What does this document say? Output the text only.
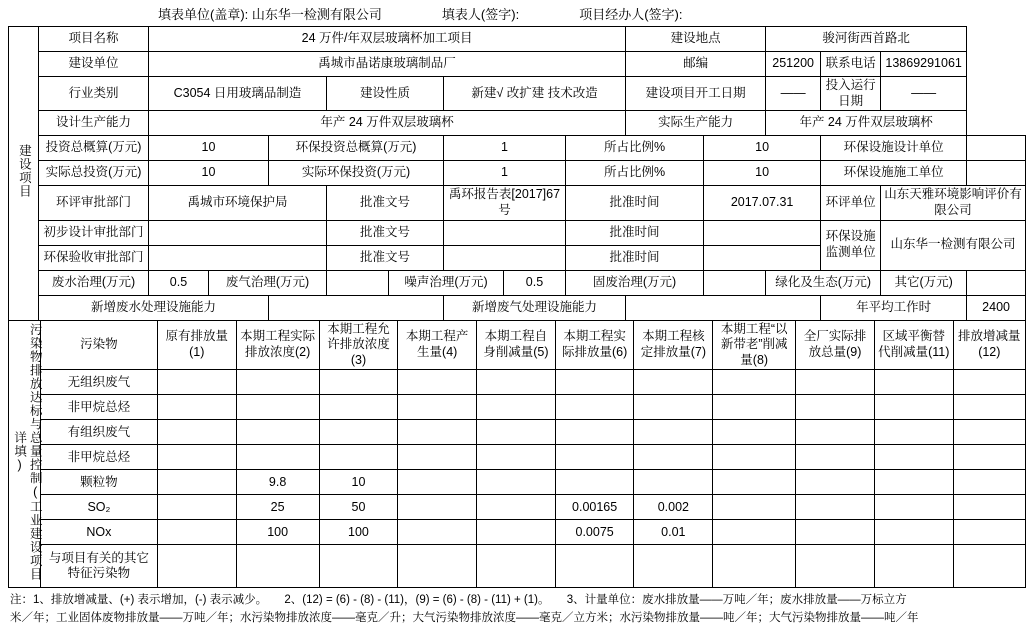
填表单位(盖章): 山东华一检测有限公司	填表人(签字):	项目经办人(签字):
建设项目	项目名称	24 万件/年双层玻璃杯加工项目								建设地点		骏河街西首路北			
	建设单位	禹城市晶诺康玻璃制品厂								邮编		251200	联系电话	13869291061	
	行业类别	C3054 日用玻璃品制造			建设性质		新建√ 改扩建 技术改造			建设项目开工日期		——	投入运行日期	——	
	设计生产能力	年产 24 万件双层玻璃杯								实际生产能力		年产 24 万件双层玻璃杯			
	投资总概算(万元)	10		环保投资总概算(万元)			1		所占比例%		10		环保设施设计单位		
	实际总投资(万元)	10		实际环保投资(万元)			1		所占比例%		10		环保设施施工单位		
	环评审批部门	禹城市环境保护局			批准文号		禹环报告表[2017]67 号		批准时间		2017.07.31		环评单位	山东天雅环境影响评价有限公司	
	初步设计审批部门				批准文号				批准时间				环保设施监测单位	山东华一检测有限公司	
	环保验收审批部门				批准文号				批准时间						
	废水治理(万元)	0.5	废气治理(万元)			噪声治理(万元)		0.5	固废治理(万元)			绿化及生态(万元)		其它(万元)	
	新增废水处理设施能力						新增废气处理设施能力						年平均工作时		2400
污染物排放达标与总量控制(工业建设项目详填)	污染物	原有排放量(1)	本期工程实际排放浓度(2)	本期工程允许排放浓度(3)	本期工程产生量(4)	本期工程自身削减量(5)	本期工程实际排放量(6)	本期工程核定排放量(7)	本期工程“以新带老”削减量(8)	全厂实际排放总量(9)	区域平衡替代削减量(11)	排放增减量(12)
	无组织废气											
	非甲烷总烃											
	有组织废气											
	非甲烷总烃											
	颗粒物		9.8	10								
	SO₂		25	50			0.00165	0.002				
	NOx		100	100			0.0075	0.01				
	与项目有关的其它特征污染物											
注：1、排放增减量、(+) 表示增加，(-) 表示减少。　　2、(12) = (6) - (8) - (11)，(9) = (6) - (8) - (11) + (1)。　　3、计量单位：废水排放量——万吨／年；废水排放量——万标立方
米／年；工业固体废物排放量——万吨／年；水污染物排放浓度——毫克／升；大气污染物排放浓度——毫克／立方米；水污染物排放量——吨／年；大气污染物排放量——吨／年
